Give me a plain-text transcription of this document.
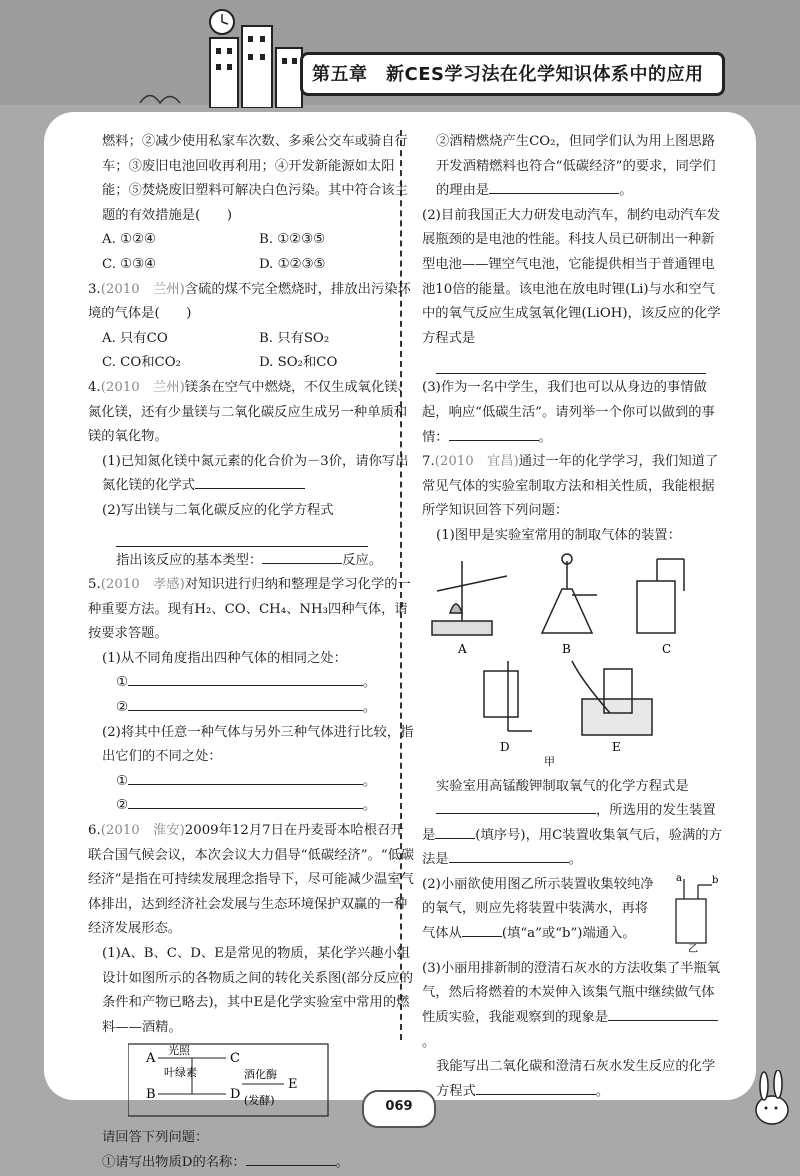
第五章　新CES学习法在化学知识体系中的应用

燃料；②减少使用私家车次数、多乘公交车或骑自行车；③废旧电池回收再利用；④开发新能源如太阳能；⑤焚烧废旧塑料可解决白色污染。其中符合该主题的有效措施是(　　)

A. ①②④	B. ①②③⑤
C. ①③④	D. ①②③⑤

3.(2010　兰州)含硫的煤不完全燃烧时，排放出污染环境的气体是(　　)

A. 只有CO	B. 只有SO₂
C. CO和CO₂	D. SO₂和CO

4.(2010　兰州)镁条在空气中燃烧，不仅生成氧化镁、氮化镁，还有少量镁与二氧化碳反应生成另一种单质和镁的氧化物。

(1)已知氮化镁中氮元素的化合价为－3价，请你写出氮化镁的化学式

(2)写出镁与二氧化碳反应的化学方程式

指出该反应的基本类型：	反应。

5.(2010　孝感)对知识进行归纳和整理是学习化学的一种重要方法。现有H₂、CO、CH₄、NH₃四种气体，请按要求答题。

(1)从不同角度指出四种气体的相同之处：

①	。

②	。

(2)将其中任意一种气体与另外三种气体进行比较，指出它们的不同之处：

①	。

②	。

6.(2010　淮安)2009年12月7日在丹麦哥本哈根召开联合国气候会议，本次会议大力倡导“低碳经济”。“低碳经济”是指在可持续发展理念指导下，尽可能减少温室气体排出，达到经济社会发展与生态环境保护双赢的一种经济发展形态。

(1)A、B、C、D、E是常见的物质，某化学兴趣小组设计如图所示的各物质之间的转化关系图(部分反应的条件和产物已略去)，其中E是化学实验室中常用的燃料——酒精。

A
B
C
D
E
光照
叶绿素	酒化酶
(发酵)

请回答下列问题：

①请写出物质D的名称：	。

②酒精燃烧产生CO₂，但同学们认为用上图思路开发酒精燃料也符合“低碳经济”的要求，同学们的理由是	。

(2)目前我国正大力研发电动汽车，制约电动汽车发展瓶颈的是电池的性能。科技人员已研制出一种新型电池——锂空气电池，它能提供相当于普通锂电池10倍的能量。该电池在放电时锂(Li)与水和空气中的氧气反应生成氢氧化锂(LiOH)，该反应的化学方程式是

(3)作为一名中学生，我们也可以从身边的事情做起，响应“低碳生活”。请列举一个你可以做到的事情：	。

7.(2010　宜昌)通过一年的化学学习，我们知道了常见气体的实验室制取方法和相关性质，我能根据所学知识回答下列问题：

(1)图甲是实验室常用的制取气体的装置：

A	B	C
D	E
甲

实验室用高锰酸钾制取氧气的化学方程式是

，所选用的发生装置是	(填序号)，用C装置收集氧气后，验满的方法是	。

a	b
乙

(2)小丽欲使用图乙所示装置收集较纯净的氧气，则应先将装置中装满水，再将气体从	(填“a”或“b”)端通入。

(3)小丽用排新制的澄清石灰水的方法收集了半瓶氧气，然后将燃着的木炭伸入该集气瓶中继续做气体性质实验，我能观察到的现象是。

我能写出二氧化碳和澄清石灰水发生反应的化学方程式	。

069
